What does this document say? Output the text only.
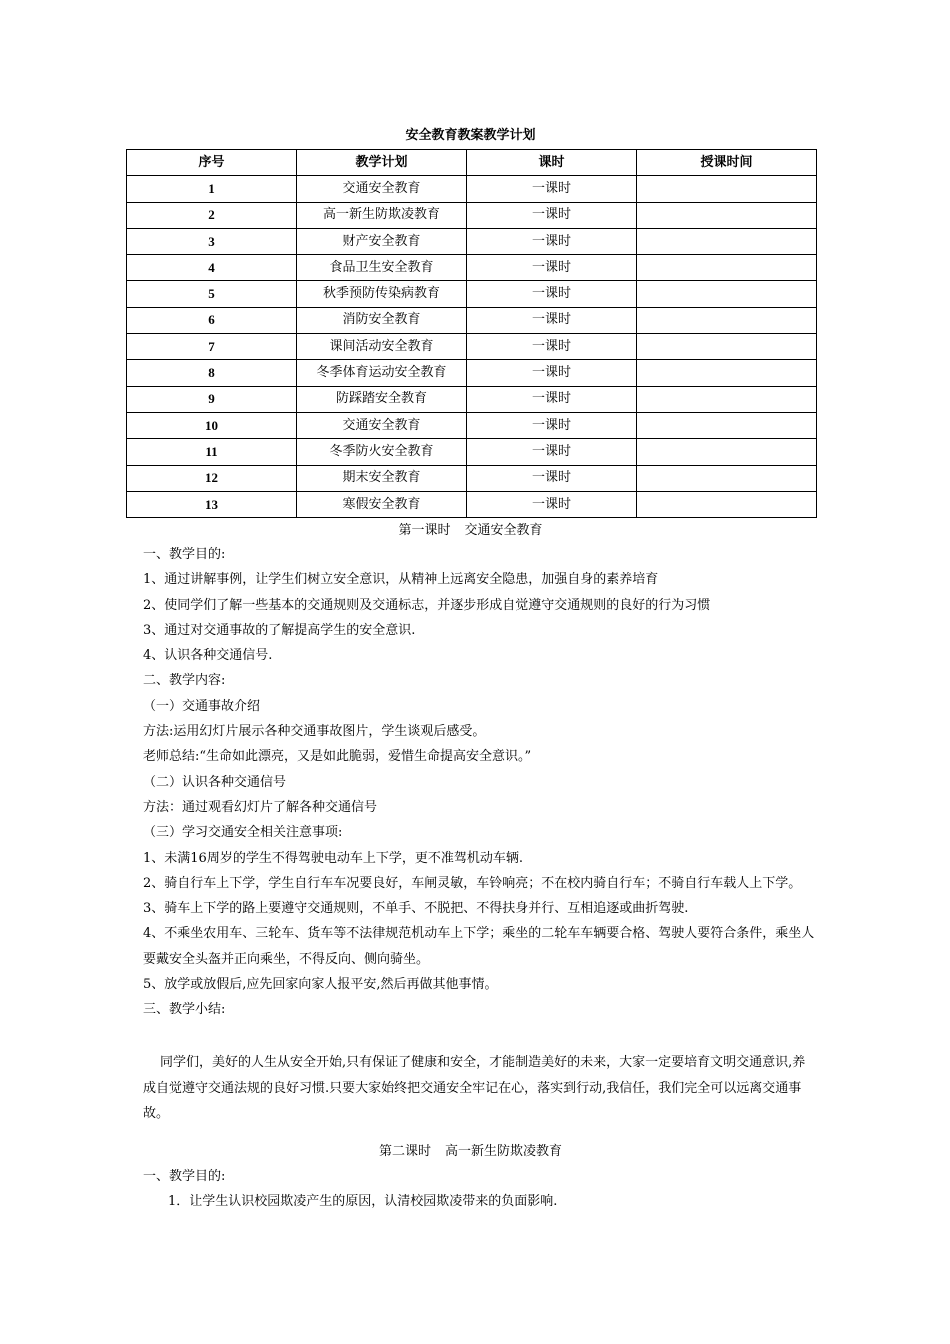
安全教育教案教学计划
序号	教学计划	课时	授课时间
1	交通安全教育	一课时	
2	高一新生防欺凌教育	一课时	
3	财产安全教育	一课时	
4	食品卫生安全教育	一课时	
5	秋季预防传染病教育	一课时	
6	消防安全教育	一课时	
7	课间活动安全教育	一课时	
8	冬季体育运动安全教育	一课时	
9	防踩踏安全教育	一课时	
10	交通安全教育	一课时	
11	冬季防火安全教育	一课时	
12	期末安全教育	一课时	
13	寒假安全教育	一课时	
第一课时 交通安全教育
一、教学目的:
1、通过讲解事例，让学生们树立安全意识，从精神上远离安全隐患，加强自身的素养培育
2、使同学们了解一些基本的交通规则及交通标志，并逐步形成自觉遵守交通规则的良好的行为习惯
3、通过对交通事故的了解提高学生的安全意识.
4、认识各种交通信号.
二、教学内容:
（一）交通事故介绍
方法:运用幻灯片展示各种交通事故图片，学生谈观后感受。
老师总结:“生命如此漂亮，又是如此脆弱，爱惜生命提高安全意识。”
（二）认识各种交通信号
方法：通过观看幻灯片了解各种交通信号
（三）学习交通安全相关注意事项:
1、未满16周岁的学生不得驾驶电动车上下学，更不准驾机动车辆.
2、骑自行车上下学，学生自行车车况要良好，车闸灵敏，车铃响亮；不在校内骑自行车；不骑自行车载人上下学。
3、骑车上下学的路上要遵守交通规则，不单手、不脱把、不得扶身并行、互相追逐或曲折驾驶.
4、不乘坐农用车、三轮车、货车等不法律规范机动车上下学；乘坐的二轮车车辆要合格、驾驶人要符合条件，乘坐人要戴安全头盔并正向乘坐，不得反向、侧向骑坐。
5、放学或放假后,应先回家向家人报平安,然后再做其他事情。
三、教学小结:
同学们，美好的人生从安全开始,只有保证了健康和安全，才能制造美好的未来，大家一定要培育文明交通意识,养成自觉遵守交通法规的良好习惯.只要大家始终把交通安全牢记在心，落实到行动,我信任，我们完全可以远离交通事故。
第二课时 高一新生防欺凌教育
一、教学目的:
1．让学生认识校园欺凌产生的原因，认清校园欺凌带来的负面影响.
